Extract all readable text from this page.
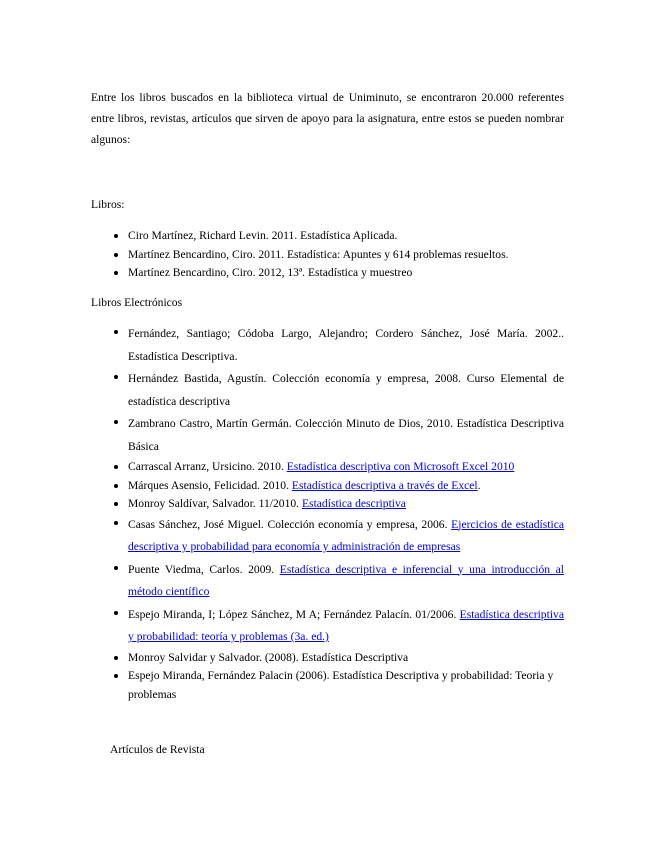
Entre los libros buscados en la biblioteca virtual de Uniminuto, se encontraron 20.000 referentes entre libros, revistas, artículos que sirven de apoyo para la asignatura, entre estos se pueden nombrar algunos:

Libros:

Ciro Martínez, Richard Levin. 2011. Estadística Aplicada.
Martínez Bencardino, Ciro. 2011. Estadística: Apuntes y 614 problemas resueltos.
Martínez Bencardino, Ciro. 2012, 13ª. Estadística y muestreo

Libros Electrónicos

Fernández, Santiago; Códoba Largo, Alejandro; Cordero Sánchez, José María. 2002.. Estadística Descriptiva.
Hernández Bastida, Agustín. Colección economía y empresa, 2008. Curso Elemental de estadística descriptiva
Zambrano Castro, Martín Germán. Colección Minuto de Dios, 2010. Estadística Descriptiva Básica
Carrascal Arranz, Ursicino. 2010. Estadística descriptiva con Microsoft Excel 2010
Márques Asensio, Felicidad. 2010. Estadística descriptiva a través de Excel.
Monroy Saldívar, Salvador. 11/2010. Estadística descriptiva
Casas Sánchez, José Miguel. Colección economía y empresa, 2006. Ejercicios de estadística descriptiva y probabilidad para economía y administración de empresas
Puente Viedma, Carlos. 2009. Estadística descriptiva e inferencial y una introducción al método científico
Espejo Miranda, I; López Sánchez, M A; Fernández Palacín. 01/2006. Estadística descriptiva y probabilidad: teoría y problemas (3a. ed.)
Monroy Salvidar y Salvador. (2008). Estadística Descriptiva
Espejo Miranda, Fernández Palacin (2006). Estadística Descriptiva y probabilidad: Teoria y problemas

Artículos de Revista
